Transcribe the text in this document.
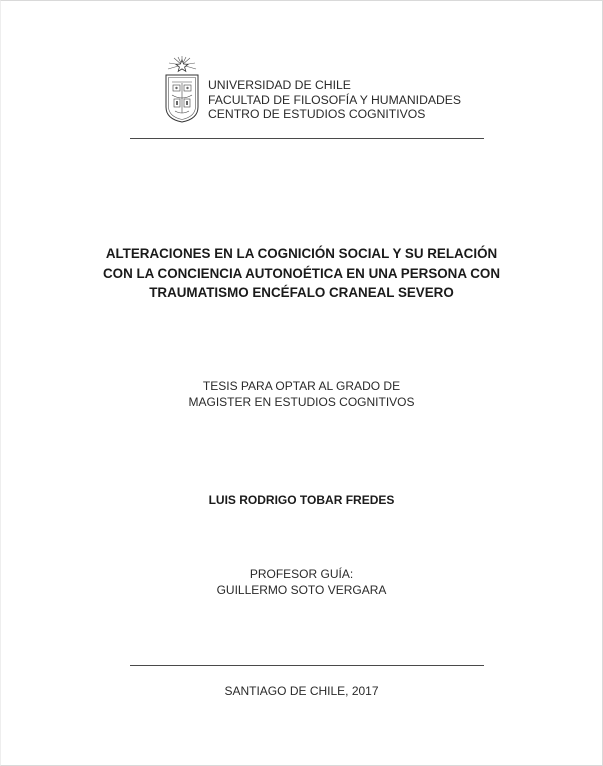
UNIVERSIDAD DE CHILE
FACULTAD DE FILOSOFÍA Y HUMANIDADES
CENTRO DE ESTUDIOS COGNITIVOS
ALTERACIONES EN LA COGNICIÓN SOCIAL Y SU RELACIÓN
CON LA CONCIENCIA AUTONOÉTICA EN UNA PERSONA CON
TRAUMATISMO ENCÉFALO CRANEAL SEVERO
TESIS PARA OPTAR AL GRADO DE
MAGISTER EN ESTUDIOS COGNITIVOS
LUIS RODRIGO TOBAR FREDES
PROFESOR GUÍA:
GUILLERMO SOTO VERGARA
SANTIAGO DE CHILE, 2017
